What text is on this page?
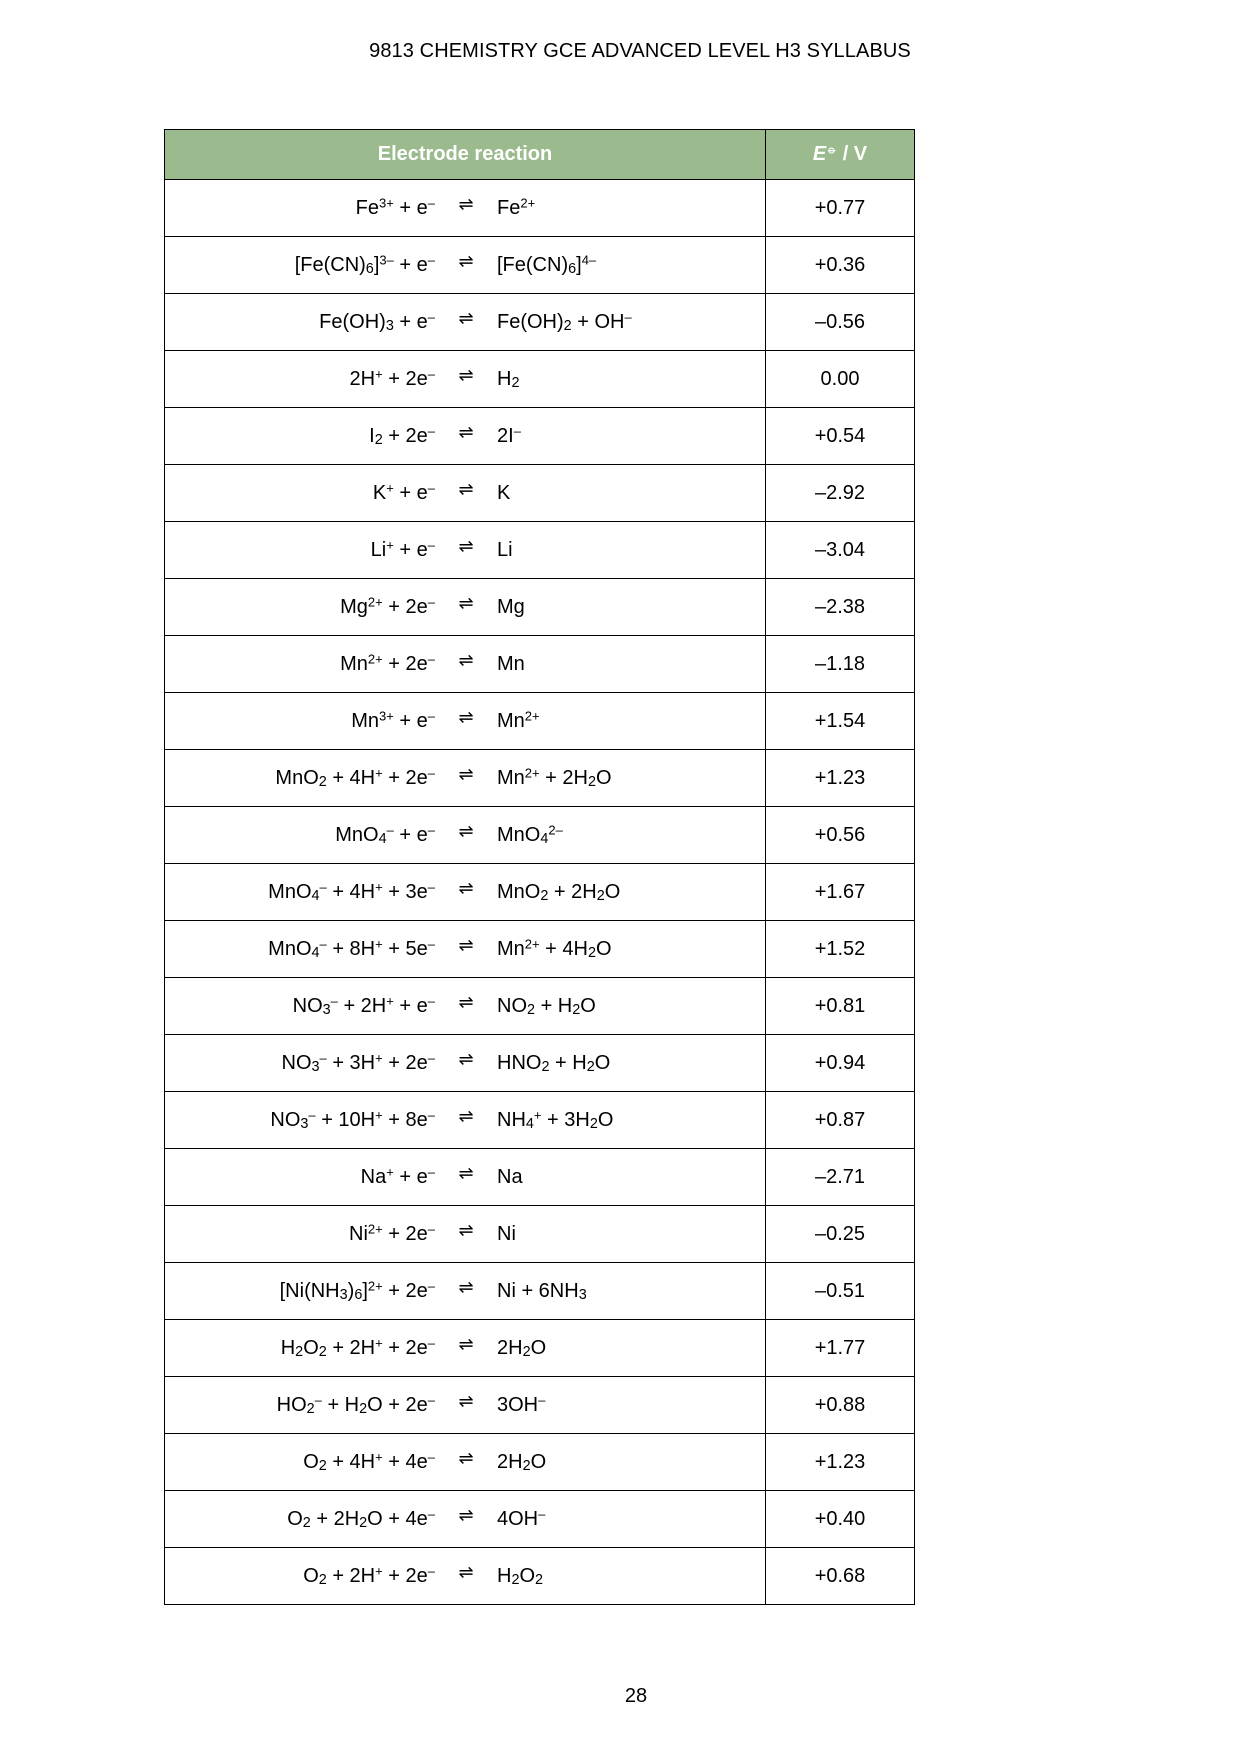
9813 CHEMISTRY GCE ADVANCED LEVEL H3 SYLLABUS
Electrode reaction	E⦵ / V

$Fe^{3+} + e^-$ ⇌ $Fe^{2+}$	+0.77

$[Fe(CN)_6]^{3-} + e^-$ ⇌ $[Fe(CN)_6]^{4-}$	+0.36

$Fe(OH)_3 + e^-$ ⇌ $Fe(OH)_2 + OH^-$	–0.56

2H+ + 2e– ⇌ $H_2$	0.00

$I_2 + 2e^-$ ⇌ 2I–	+0.54

K+ + e– ⇌ K	–2.92

Li+ + e– ⇌ Li	–3.04

$Mg^{2+} + 2e^-$ ⇌ Mg	–2.38

$Mn^{2+} + 2e^-$ ⇌ Mn	–1.18

$Mn^{3+} + e^-$ ⇌ $Mn^{2+}$	+1.54

MnO$_2$ + 4H+ + 2e– ⇌ $Mn^{2+} + 2H_2O$	+1.23

MnO$_4$– + e– ⇌ MnO$_4^{2-}$	+0.56

MnO$_4$– + 4H+ + 3e– ⇌ $MnO_2 + 2H_2O$	+1.67

MnO$_4$– + 8H+ + 5e– ⇌ $Mn^{2+} + 4H_2O$	+1.52

$NO_3^- + 2H^+ + e^-$ ⇌ $NO_2 + H_2O$	+0.81

$NO_3^- + 3H^+ + 2e^-$ ⇌ $HNO_2 + H_2O$	+0.94

$NO_3^- + 10H^+ + 8e^-$ ⇌ $NH_4^+ + 3H_2O$	+0.87

Na+ + e– ⇌ Na	–2.71

$Ni^{2+} + 2e^-$ ⇌ Ni	–0.25

$[Ni(NH_3)_6]^{2+} + 2e^-$ ⇌ $Ni + 6NH_3$	–0.51

$H_2O_2 + 2H^+ + 2e^-$ ⇌ $2H_2O$	+1.77

$HO_2^- + H_2O + 2e^-$ ⇌ 3OH–	+0.88

$O_2 + 4H^+ + 4e^-$ ⇌ $2H_2O$	+1.23

$O_2 + 2H_2O + 4e^-$ ⇌ 4OH–	+0.40

$O_2 + 2H^+ + 2e^-$ ⇌ $H_2O_2$	+0.68
28
